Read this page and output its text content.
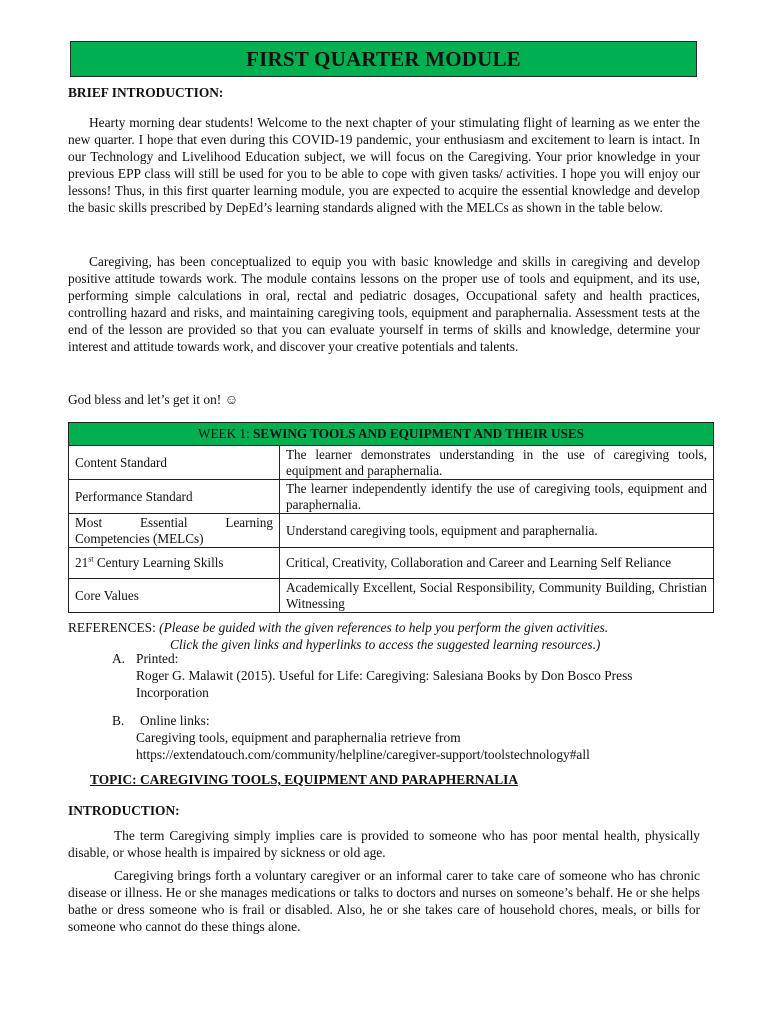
FIRST QUARTER MODULE
BRIEF INTRODUCTION:

Hearty morning dear students! Welcome to the next chapter of your stimulating flight of learning as we enter the new quarter. I hope that even during this COVID-19 pandemic, your enthusiasm and excitement to learn is intact. In our Technology and Livelihood Education subject, we will focus on the Caregiving. Your prior knowledge in your previous EPP class will still be used for you to be able to cope with given tasks/ activities. I hope you will enjoy our lessons! Thus, in this first quarter learning module, you are expected to acquire the essential knowledge and develop the basic skills prescribed by DepEd’s learning standards aligned with the MELCs as shown in the table below.

Caregiving, has been conceptualized to equip you with basic knowledge and skills in caregiving and develop positive attitude towards work. The module contains lessons on the proper use of tools and equipment, and its use, performing simple calculations in oral, rectal and pediatric dosages, Occupational safety and health practices, controlling hazard and risks, and maintaining caregiving tools, equipment and paraphernalia. Assessment tests at the end of the lesson are provided so that you can evaluate yourself in terms of skills and knowledge, determine your interest and attitude towards work, and discover your creative potentials and talents.

God bless and let’s get it on! ☺
WEEK 1: SEWING TOOLS AND EQUIPMENT AND THEIR USES	
Content Standard	The learner demonstrates understanding in the use of caregiving tools, equipment and paraphernalia.
Performance Standard	The learner independently identify the use of caregiving tools, equipment and paraphernalia.
Most Essential Learning Competencies (MELCs)	Understand caregiving tools, equipment and paraphernalia.
21st Century Learning Skills	Critical, Creativity, Collaboration and Career and Learning Self Reliance
Core Values	Academically Excellent, Social Responsibility, Community Building, Christian Witnessing
REFERENCES: (Please be guided with the given references to help you perform the given activities.
Click the given links and hyperlinks to access the suggested learning resources.)
A. Printed:
Roger G. Malawit (2015). Useful for Life: Caregiving: Salesiana Books by Don Bosco Press
Incorporation
B. Online links:
Caregiving tools, equipment and paraphernalia retrieve from
https://extendatouch.com/community/helpline/caregiver-support/toolstechnology#all
TOPIC: CAREGIVING TOOLS, EQUIPMENT AND PARAPHERNALIA
INTRODUCTION:

The term Caregiving simply implies care is provided to someone who has poor mental health, physically disable, or whose health is impaired by sickness or old age.

Caregiving brings forth a voluntary caregiver or an informal carer to take care of someone who has chronic disease or illness. He or she manages medications or talks to doctors and nurses on someone’s behalf. He or she helps bathe or dress someone who is frail or disabled. Also, he or she takes care of household chores, meals, or bills for someone who cannot do these things alone.
